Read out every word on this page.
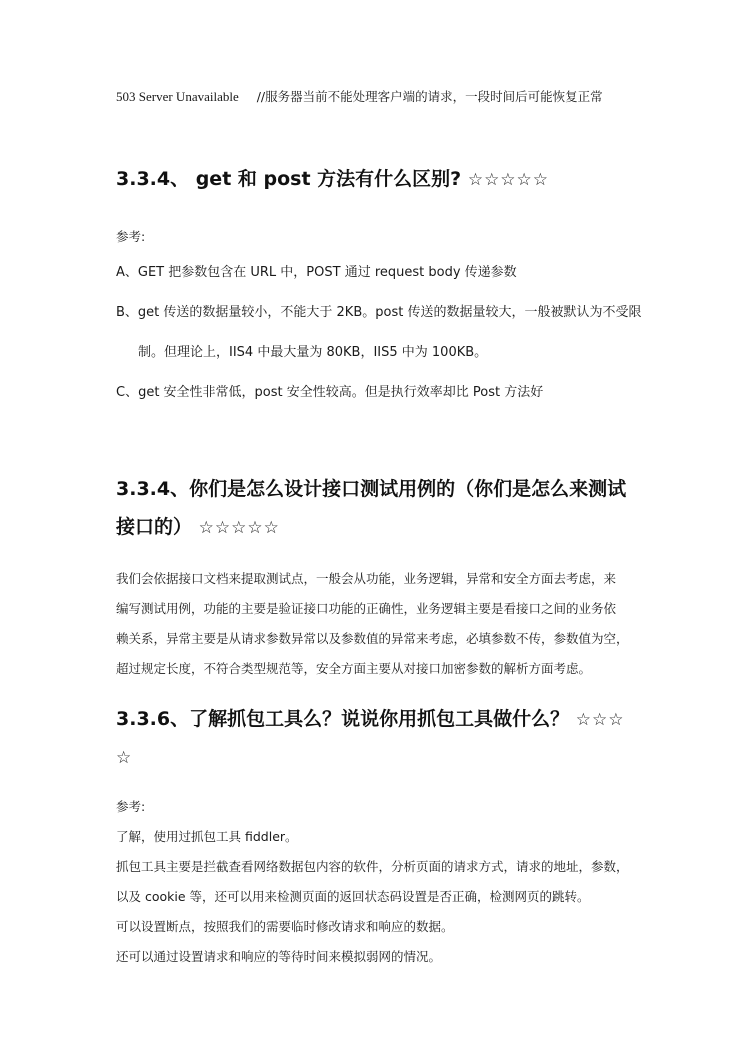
503 Server Unavailable //服务器当前不能处理客户端的请求，一段时间后可能恢复正常
3.3.4、 get 和 post 方法有什么区别? ☆☆☆☆☆
参考:
A、GET 把参数包含在 URL 中，POST 通过 request body 传递参数
B、get 传送的数据量较小，不能大于 2KB。post 传送的数据量较大，一般被默认为不受限
制。但理论上，IIS4 中最大量为 80KB，IIS5 中为 100KB。
C、get 安全性非常低，post 安全性较高。但是执行效率却比 Post 方法好
3.3.4、你们是怎么设计接口测试用例的（你们是怎么来测试
接口的） ☆☆☆☆☆
我们会依据接口文档来提取测试点，一般会从功能，业务逻辑，异常和安全方面去考虑，来
编写测试用例，功能的主要是验证接口功能的正确性，业务逻辑主要是看接口之间的业务依
赖关系，异常主要是从请求参数异常以及参数值的异常来考虑，必填参数不传，参数值为空，
超过规定长度，不符合类型规范等，安全方面主要从对接口加密参数的解析方面考虑。
3.3.6、了解抓包工具么？说说你用抓包工具做什么？ ☆☆☆
☆
参考:
了解，使用过抓包工具 fiddler。
抓包工具主要是拦截查看网络数据包内容的软件，分析页面的请求方式，请求的地址，参数，
以及 cookie 等，还可以用来检测页面的返回状态码设置是否正确，检测网页的跳转。
可以设置断点，按照我们的需要临时修改请求和响应的数据。
还可以通过设置请求和响应的等待时间来模拟弱网的情况。
